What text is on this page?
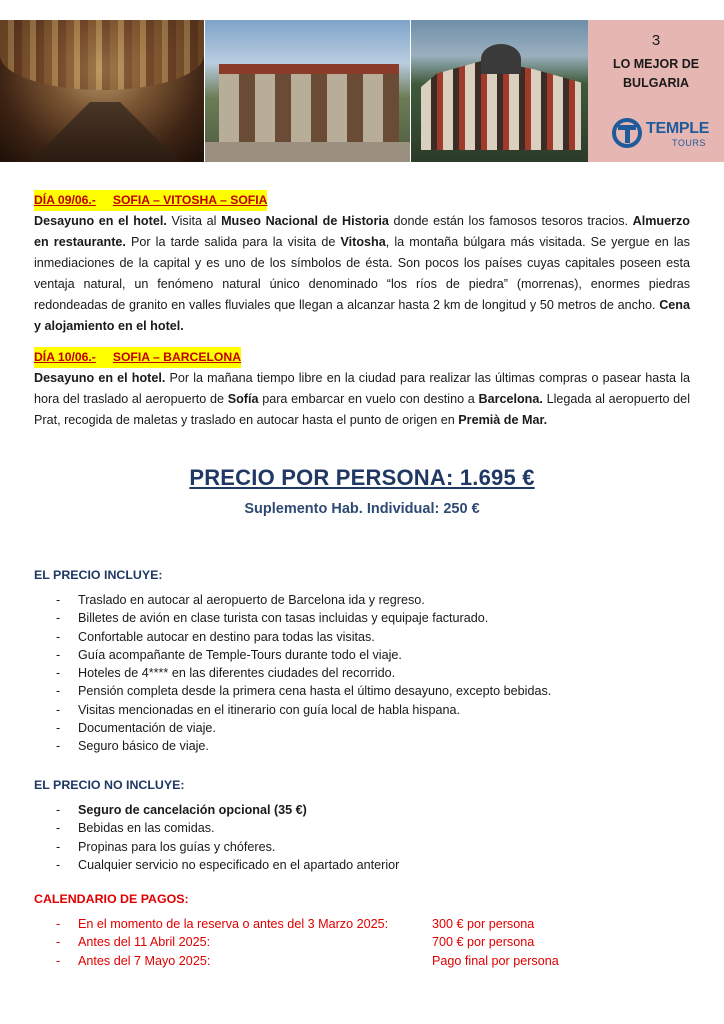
3
LO MEJOR DE
BULGARIA
TEMPLE
TOURS
DÍA 09/06.- SOFIA – VITOSHA – SOFIA

Desayuno en el hotel. Visita al Museo Nacional de Historia donde están los famosos tesoros tracios. Almuerzo en restaurante. Por la tarde salida para la visita de Vitosha, la montaña búlgara más visitada. Se yergue en las inmediaciones de la capital y es uno de los símbolos de ésta. Son pocos los países cuyas capitales poseen esta ventaja natural, un fenómeno natural único denominado “los ríos de piedra” (morrenas), enormes piedras redondeadas de granito en valles fluviales que llegan a alcanzar hasta 2 km de longitud y 50 metros de ancho. Cena y alojamiento en el hotel.

DÍA 10/06.- SOFIA – BARCELONA

Desayuno en el hotel. Por la mañana tiempo libre en la ciudad para realizar las últimas compras o pasear hasta la hora del traslado al aeropuerto de Sofía para embarcar en vuelo con destino a Barcelona. Llegada al aeropuerto del Prat, recogida de maletas y traslado en autocar hasta el punto de origen en Premià de Mar.

PRECIO POR PERSONA: 1.695 €
Suplemento Hab. Individual: 250 €
EL PRECIO INCLUYE:
- Traslado en autocar al aeropuerto de Barcelona ida y regreso.
- Billetes de avión en clase turista con tasas incluidas y equipaje facturado.
- Confortable autocar en destino para todas las visitas.
- Guía acompañante de Temple-Tours durante todo el viaje.
- Hoteles de 4**** en las diferentes ciudades del recorrido.
- Pensión completa desde la primera cena hasta el último desayuno, excepto bebidas.
- Visitas mencionadas en el itinerario con guía local de habla hispana.
- Documentación de viaje.
- Seguro básico de viaje.
EL PRECIO NO INCLUYE:
- Seguro de cancelación opcional (35 €)
- Bebidas en las comidas.
- Propinas para los guías y chóferes.
- Cualquier servicio no especificado en el apartado anterior
CALENDARIO DE PAGOS:
- En el momento de la reserva o antes del 3 Marzo 2025:	300 € por persona
- Antes del 11 Abril 2025:	700 € por persona
- Antes del 7 Mayo 2025:	Pago final por persona
